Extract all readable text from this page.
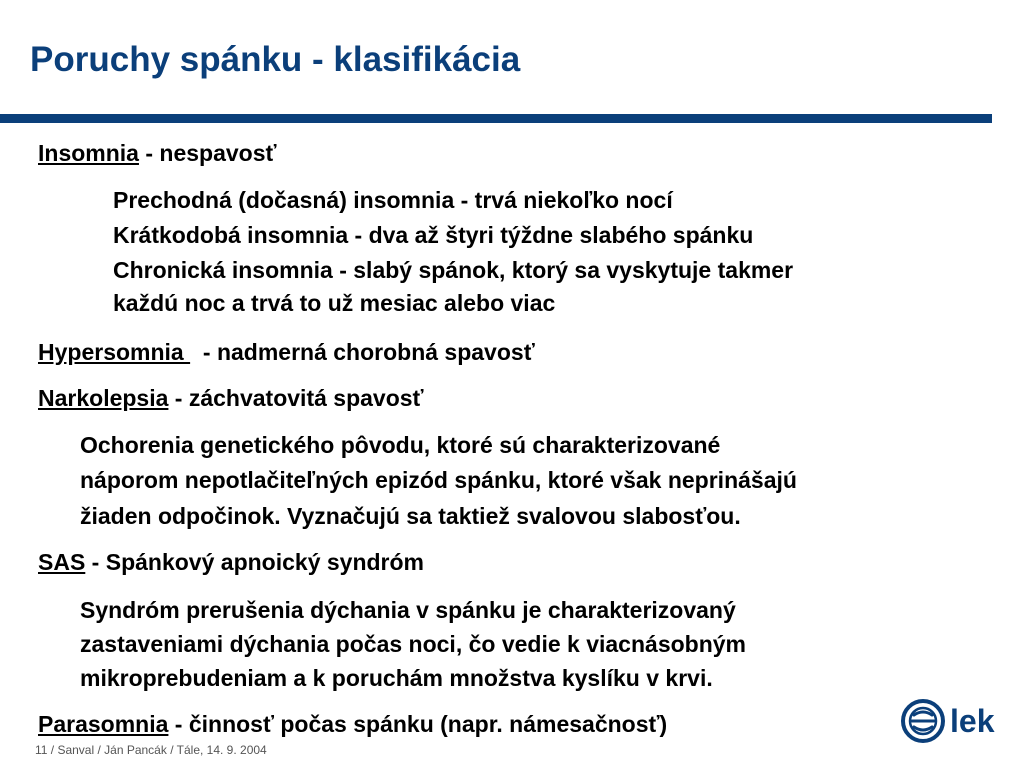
Poruchy spánku - klasifikácia
Insomnia - nespavosť
Prechodná (dočasná) insomnia - trvá niekoľko nocí
Krátkodobá insomnia - dva až štyri týždne slabého spánku
Chronická insomnia - slabý spánok, ktorý sa vyskytuje takmer
každú noc a trvá to už mesiac alebo viac
Hypersomnia   - nadmerná chorobná spavosť
Narkolepsia - záchvatovitá spavosť
Ochorenia genetického pôvodu, ktoré sú charakterizované
náporom nepotlačiteľných epizód spánku, ktoré však neprinášajú
žiaden odpočinok. Vyznačujú sa taktiež svalovou slabosťou.
SAS - Spánkový apnoický syndróm
Syndróm prerušenia dýchania v spánku je charakterizovaný
zastaveniami dýchania počas noci, čo vedie k viacnásobným
mikroprebudeniam a k poruchám množstva kyslíku v krvi.
Parasomnia - činnosť počas spánku (napr. námesačnosť)
11 / Sanval / Ján Pancák / Tále, 14. 9. 2004
lek
